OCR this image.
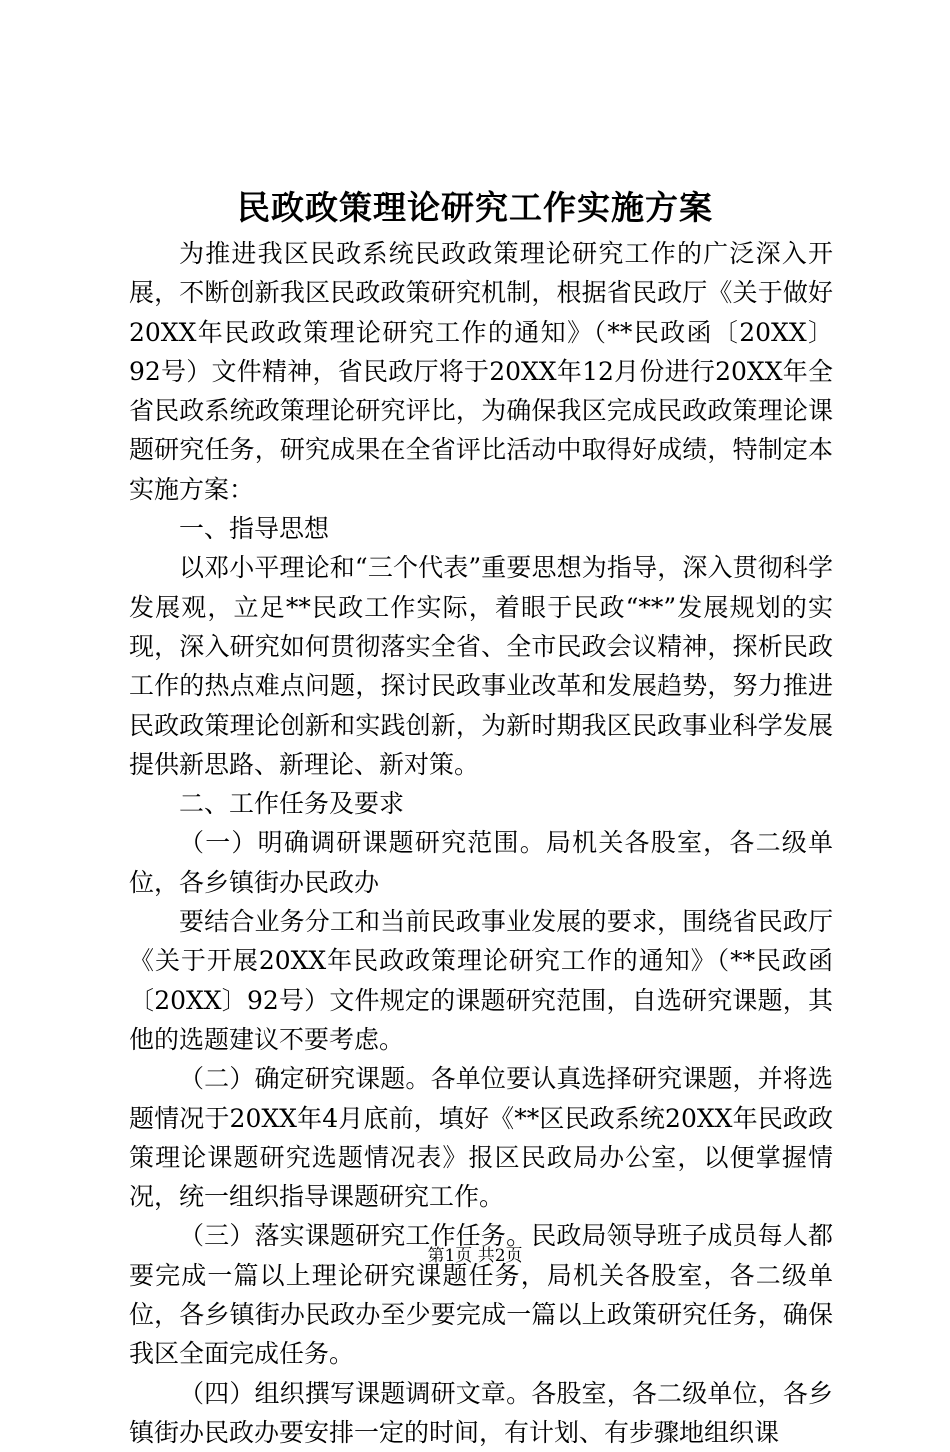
民政政策理论研究工作实施方案

为推进我区民政系统民政政策理论研究工作的广泛深入开展，不断创新我区民政政策研究机制，根据省民政厅《关于做好20XX年民政政策理论研究工作的通知》（**民政函〔20XX〕92号）文件精神，省民政厅将于20XX年12月份进行20XX年全省民政系统政策理论研究评比，为确保我区完成民政政策理论课题研究任务，研究成果在全省评比活动中取得好成绩，特制定本实施方案：

一、指导思想

以邓小平理论和“三个代表”重要思想为指导，深入贯彻科学发展观，立足**民政工作实际，着眼于民政“**”发展规划的实现，深入研究如何贯彻落实全省、全市民政会议精神，探析民政工作的热点难点问题，探讨民政事业改革和发展趋势，努力推进民政政策理论创新和实践创新，为新时期我区民政事业科学发展提供新思路、新理论、新对策。

二、工作任务及要求

（一）明确调研课题研究范围。局机关各股室，各二级单位，各乡镇街办民政办

要结合业务分工和当前民政事业发展的要求，围绕省民政厅《关于开展20XX年民政政策理论研究工作的通知》（**民政函〔20XX〕92号）文件规定的课题研究范围，自选研究课题，其他的选题建议不要考虑。

（二）确定研究课题。各单位要认真选择研究课题，并将选题情况于20XX年4月底前，填好《**区民政系统20XX年民政政策理论课题研究选题情况表》报区民政局办公室，以便掌握情况，统一组织指导课题研究工作。

（三）落实课题研究工作任务。民政局领导班子成员每人都要完成一篇以上理论研究课题任务，局机关各股室，各二级单位，各乡镇街办民政办至少要完成一篇以上政策研究任务，确保我区全面完成任务。

（四）组织撰写课题调研文章。各股室，各二级单位，各乡镇街办民政办要安排一定的时间，有计划、有步骤地组织课

第1页 共2页
